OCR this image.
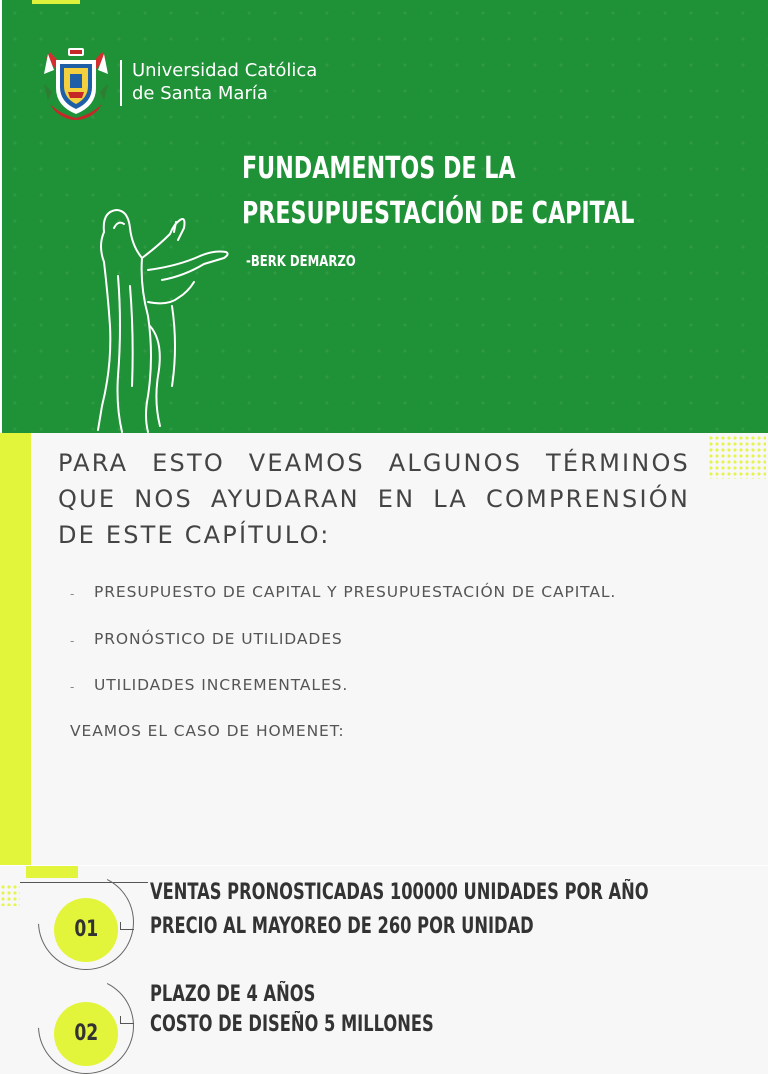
Universidad Católica
de Santa María
FUNDAMENTOS DE LA
PRESUPUESTACIÓN DE CAPITAL
-BERK DEMARZO

PARA ESTO VEAMOS ALGUNOS TÉRMINOS QUE NOS AYUDARAN EN LA COMPRENSIÓN DE ESTE CAPÍTULO:

- PRESUPUESTO DE CAPITAL Y PRESUPUESTACIÓN DE CAPITAL.
- PRONÓSTICO DE UTILIDADES
- UTILIDADES INCREMENTALES.

VEAMOS EL CASO DE HOMENET:

01
VENTAS PRONOSTICADAS 100000 UNIDADES POR AÑO
PRECIO AL MAYOREO DE 260 POR UNIDAD
02
PLAZO DE 4 AÑOS
COSTO DE DISEÑO 5 MILLONES
